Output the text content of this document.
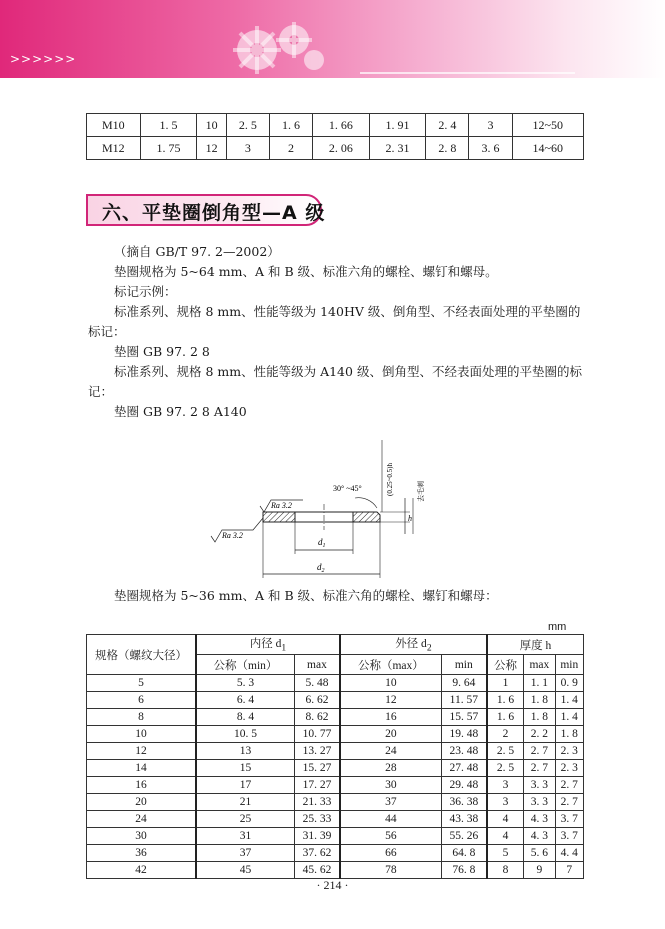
>>>>>>
M10	1. 5	10	2. 5	1. 6	1. 66	1. 91	2. 4	3	12~50
M12	1. 75	12	3	2	2. 06	2. 31	2. 8	3. 6	14~60
六、平垫圈倒角型—A 级

（摘自 GB/T 97. 2—2002）

垫圈规格为 5~64 mm、A 和 B 级、标准六角的螺栓、螺钉和螺母。

标记示例：

标准系列、规格 8 mm、性能等级为 140HV 级、倒角型、不经表面处理的平垫圈的标记：

垫圈 GB 97. 2 8

标准系列、规格 8 mm、性能等级为 A140 级、倒角型、不经表面处理的平垫圈的标记：

垫圈 GB 97. 2 8 A140

$d_1$
$d_2$
h
(0.25~0.5)h	去毛刺
30° ~45°
Ra 3.2
Ra 3.2

垫圈规格为 5~36 mm、A 和 B 级、标准六角的螺栓、螺钉和螺母：

mm
规格（螺纹大径）	内径 $d_1$		外径 $d_2$		厚度 h		
	公称（min）	max	公称（max）	min	公称	max	min
5	5. 3	5. 48	10	9. 64	1	1. 1	0. 9
6	6. 4	6. 62	12	11. 57	1. 6	1. 8	1. 4
8	8. 4	8. 62	16	15. 57	1. 6	1. 8	1. 4
10	10. 5	10. 77	20	19. 48	2	2. 2	1. 8
12	13	13. 27	24	23. 48	2. 5	2. 7	2. 3
14	15	15. 27	28	27. 48	2. 5	2. 7	2. 3
16	17	17. 27	30	29. 48	3	3. 3	2. 7
20	21	21. 33	37	36. 38	3	3. 3	2. 7
24	25	25. 33	44	43. 38	4	4. 3	3. 7
30	31	31. 39	56	55. 26	4	4. 3	3. 7
36	37	37. 62	66	64. 8	5	5. 6	4. 4
42	45	45. 62	78	76. 8	8	9	7
· 214 ·
